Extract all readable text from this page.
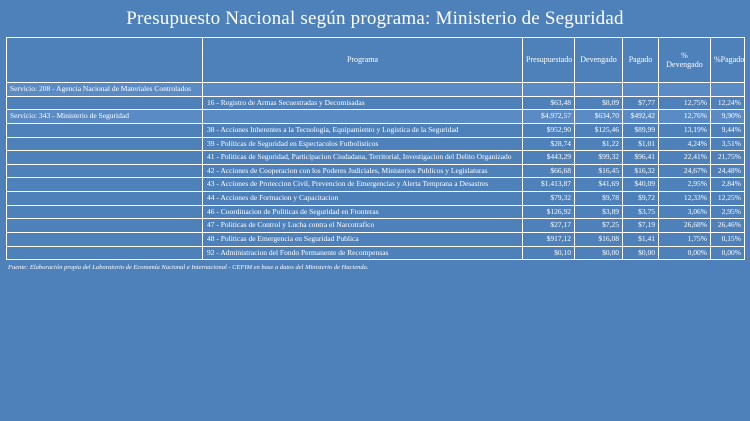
Presupuesto Nacional según programa: Ministerio de Seguridad
	Programa	Presupuestado	Devengado	Pagado	% Devengado	%Pagado
Servicio: 208 - Agencia Nacional de Materiales Controlados						
	16 - Registro de Armas Secuestradas y Decomisadas	$63,48	$8,09	$7,77	12,75%	12,24%
Servicio: 343 - Ministerio de Seguridad		$4.972,57	$634,70	$492,42	12,76%	9,90%
	38 - Acciones Inherentes a la Tecnologia, Equipamiento y Logistica de la Seguridad	$952,90	$125,46	$89,99	13,19%	9,44%
	39 - Políticas de Seguridad en Espectaculos Futbolisticos	$28,74	$1,22	$1,01	4,24%	3,51%
	41 - Politicas de Seguridad, Participacion Ciudadana, Territorial, Investigacion del Delito Organizado	$443,29	$99,32	$96,41	22,41%	21,75%
	42 - Acciones de Cooperacion con los Poderes Judiciales, Ministerios Publicos y Legislaturas	$66,68	$16,45	$16,32	24,67%	24,48%
	43 - Acciones de Proteccion Civil, Prevencion de Emergencias y Alerta Temprana a Desastres	$1.413,87	$41,69	$40,09	2,95%	2,84%
	44 - Acciones de Formacion y Capacitacion	$79,32	$9,78	$9,72	12,33%	12,25%
	46 - Coordinacion de Politicas de Seguridad en Fronteras	$126,92	$3,89	$3,75	3,06%	2,95%
	47 - Politicas de Control y Lucha contra el Narcotrafico	$27,17	$7,25	$7,19	26,68%	26,46%
	48 - Politicas de Emergencia en Seguridad Publica	$917,12	$16,08	$1,41	1,75%	0,15%
	92 - Administracion del Fondo Permanente de Recompensas	$0,10	$0,00	$0,00	0,00%	0,00%
Fuente: Elaboración propia del Laboratorio de Economía Nacional e Internacional - CEFIM en base a datos del Ministerio de Hacienda.
